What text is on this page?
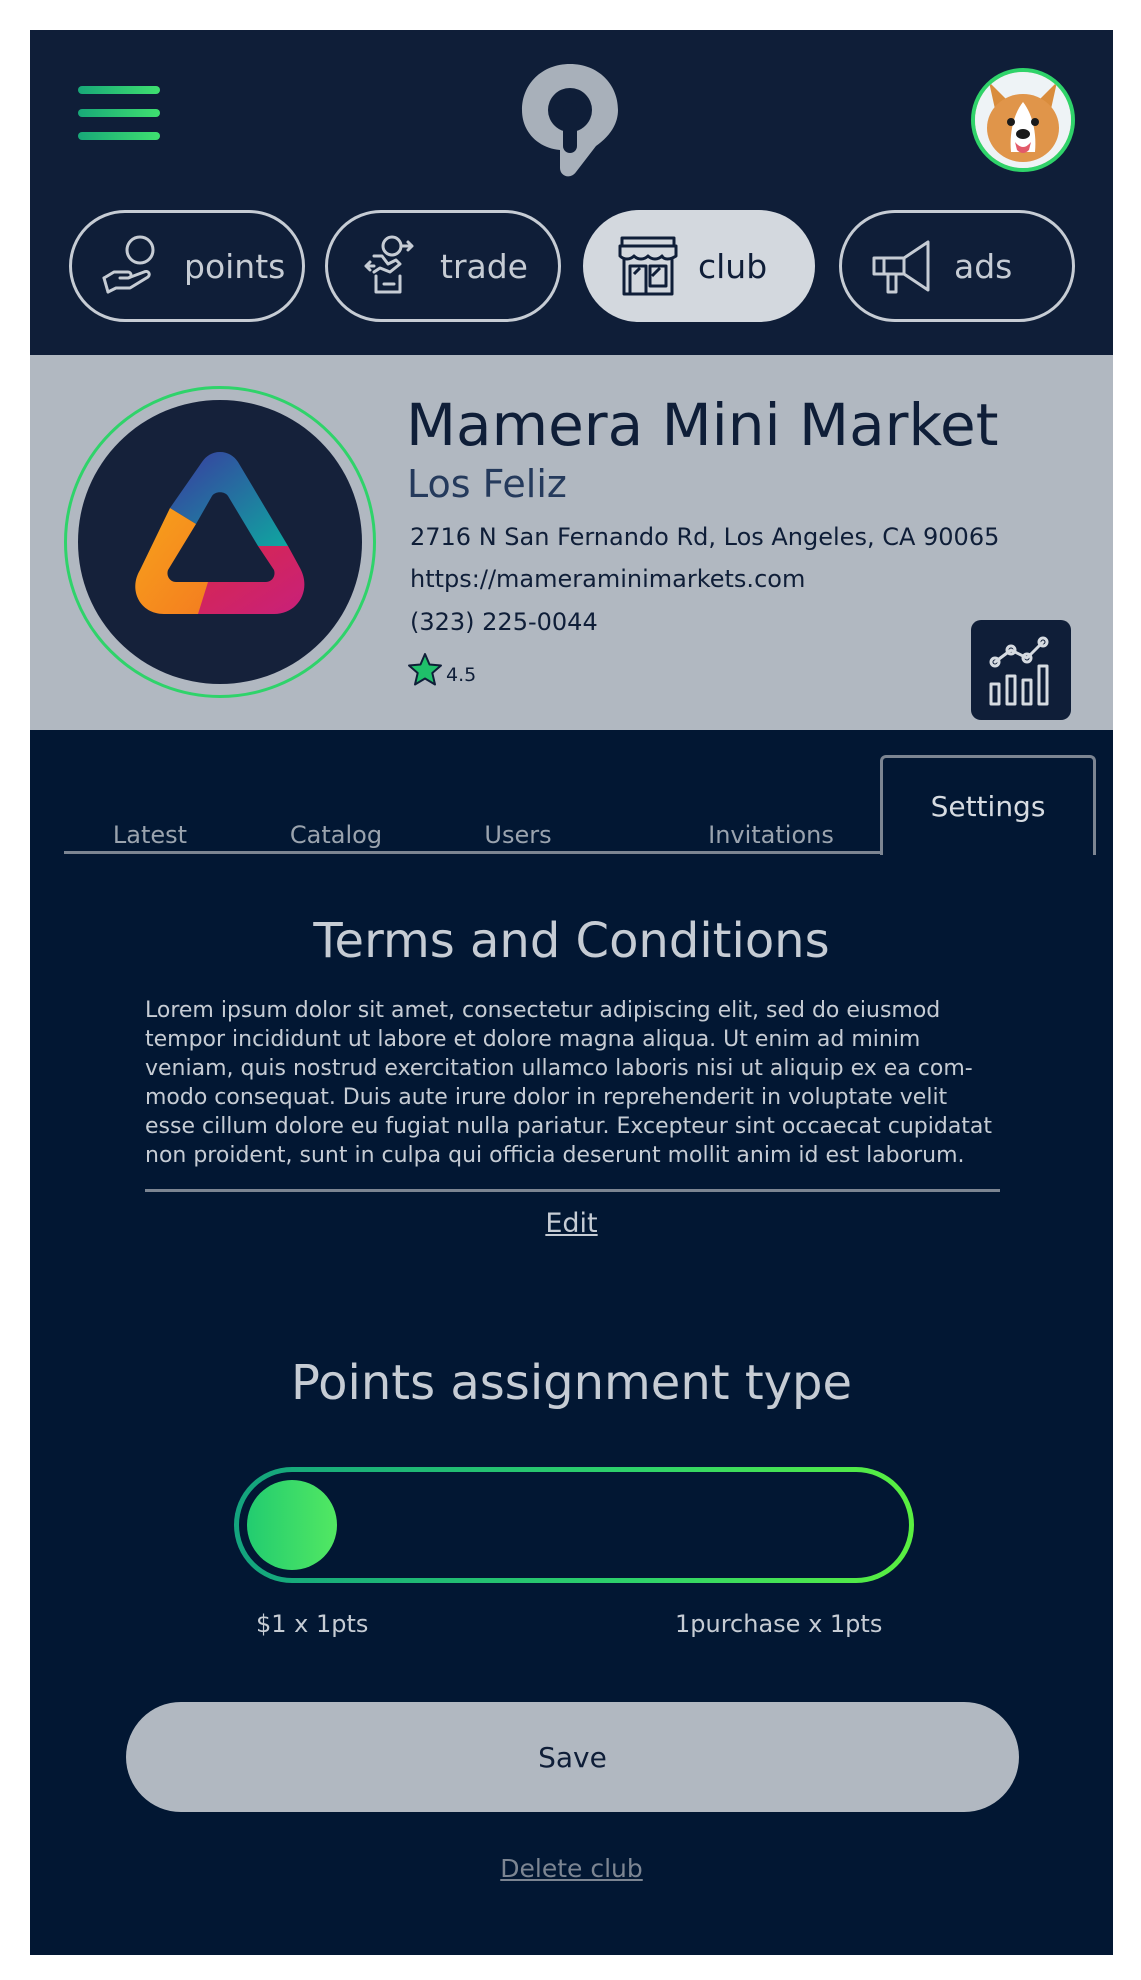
points	trade	club	ads
Mamera Mini Market
Los Feliz
2716 N San Fernando Rd, Los Angeles, CA 90065
https://mameraminimarkets.com
(323) 225-0044
4.5
Latest	Catalog	Users	Invitations
Settings
Terms and Conditions
Lorem ipsum dolor sit amet, consectetur adipiscing elit, sed do eiusmod
tempor incididunt ut labore et dolore magna aliqua. Ut enim ad minim
veniam, quis nostrud exercitation ullamco laboris nisi ut aliquip ex ea com-
modo consequat. Duis aute irure dolor in reprehenderit in voluptate velit
esse cillum dolore eu fugiat nulla pariatur. Excepteur sint occaecat cupidatat
non proident, sunt in culpa qui officia deserunt mollit anim id est laborum.
Edit
Points assignment type
$1 x 1pts	1purchase x 1pts
Save
Delete club
